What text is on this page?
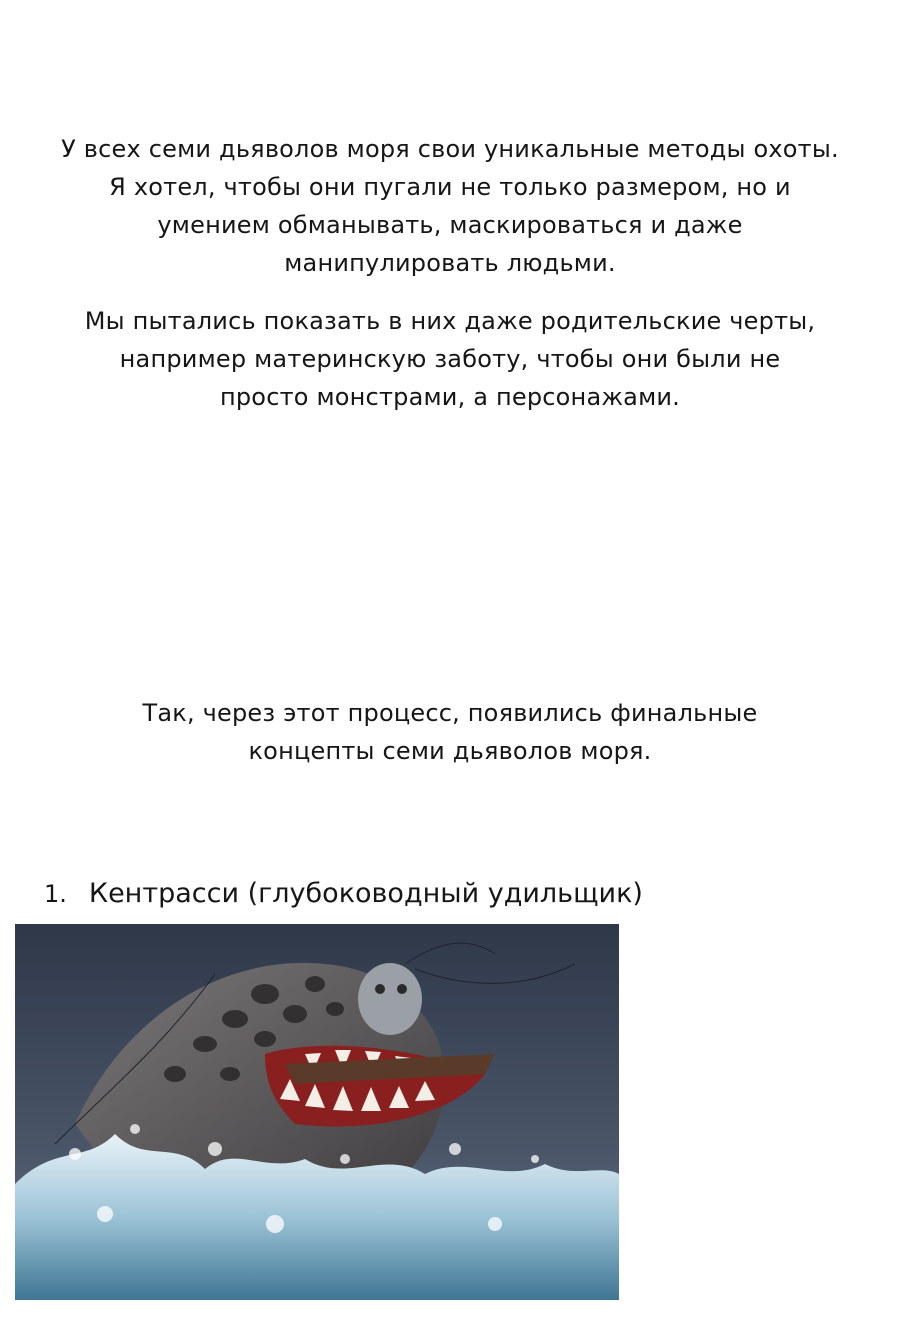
У всех семи дьяволов моря свои уникальные методы охоты.
Я хотел, чтобы они пугали не только размером, но и
умением обманывать, маскироваться и даже
манипулировать людьми.

Мы пытались показать в них даже родительские черты,
например материнскую заботу, чтобы они были не
просто монстрами, а персонажами.

Так, через этот процесс, появились финальные
концепты семи дьяволов моря.

1. Кентрасси (глубоководный удильщик)
